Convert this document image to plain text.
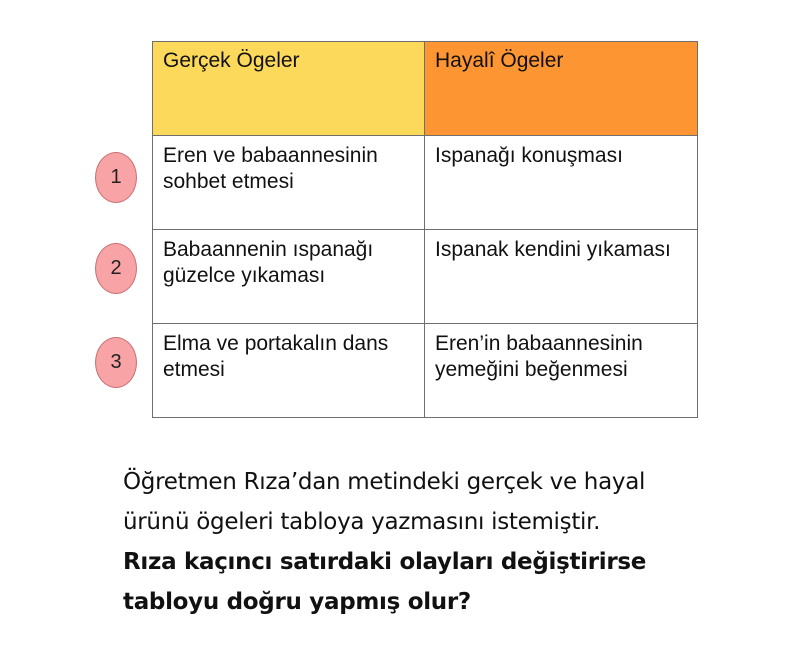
Gerçek Ögeler	Hayalî Ögeler
Eren ve babaannesinin sohbet etmesi	Ispanağı konuşması
Babaannenin ıspanağı güzelce yıkaması	Ispanak kendini yıkaması
Elma ve portakalın dans etmesi	Eren’in babaannesinin yemeğini beğenmesi
1
2
3
Öğretmen Rıza’dan metindeki gerçek ve hayal
ürünü ögeleri tabloya yazmasını istemiştir.
Rıza kaçıncı satırdaki olayları değiştirirse
tabloyu doğru yapmış olur?
